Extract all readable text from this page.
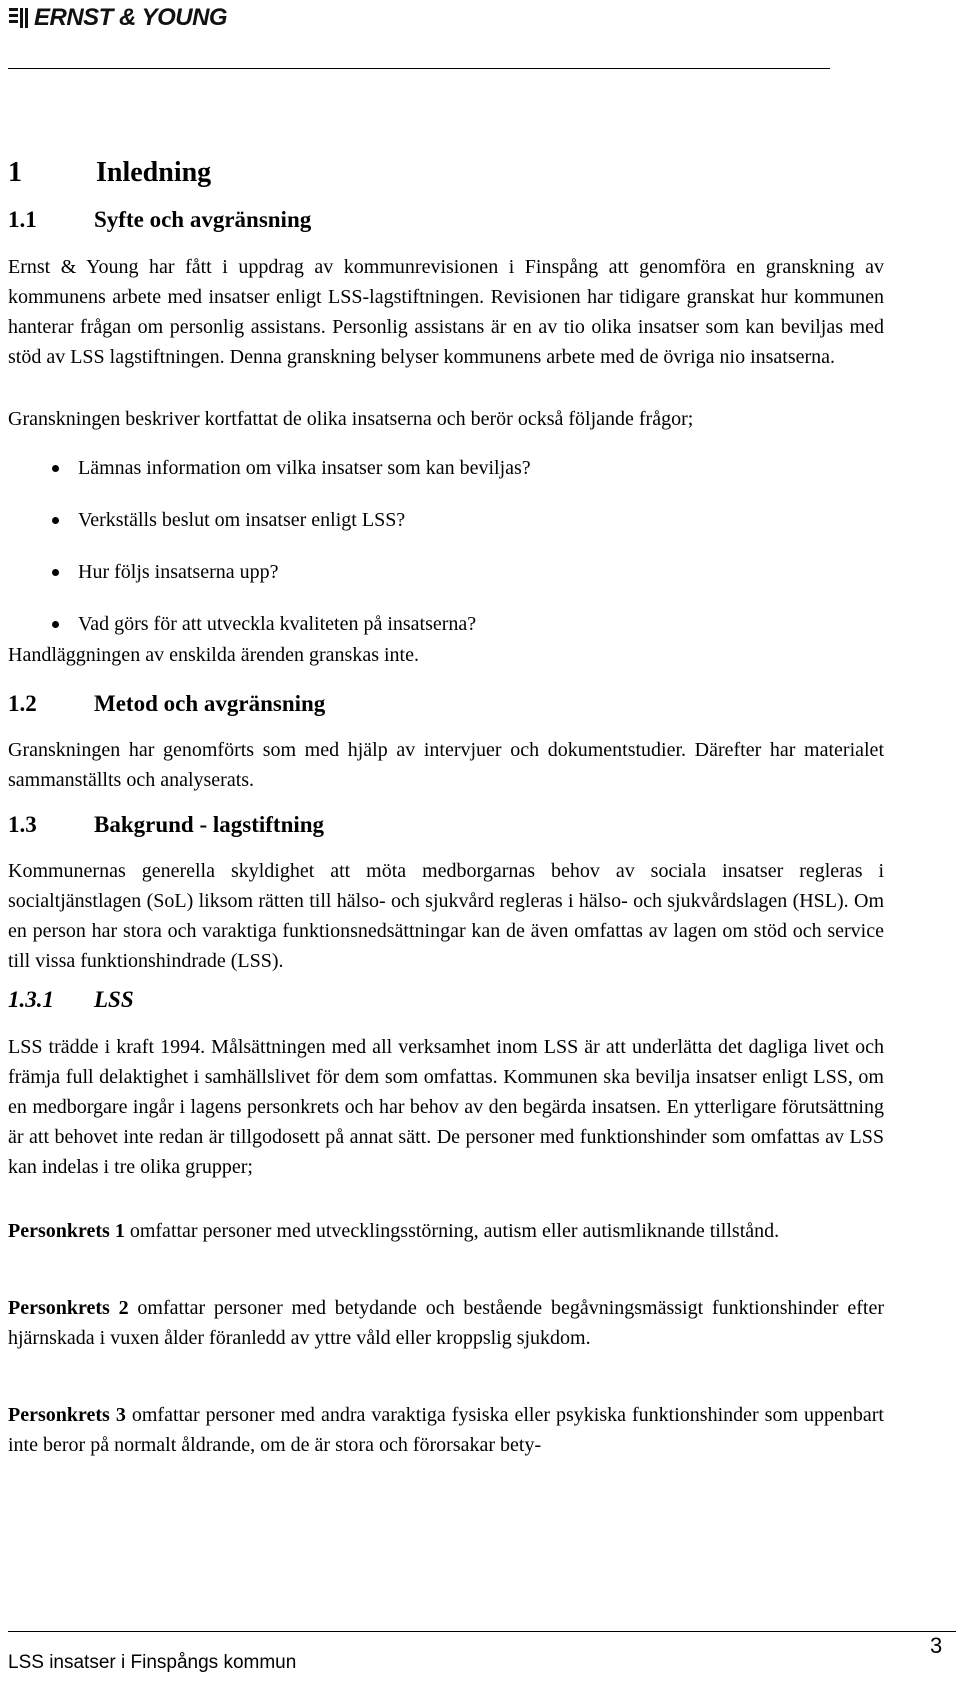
ERNST & YOUNG
1	Inledning
1.1 Syfte och avgränsning
Ernst & Young har fått i uppdrag av kommunrevisionen i Finspång att genomföra en granskning av kommunens arbete med insatser enligt LSS-lagstiftningen. Revisionen har tidigare granskat hur kommunen hanterar frågan om personlig assistans. Personlig assistans är en av tio olika insatser som kan beviljas med stöd av LSS lagstiftningen. Denna granskning belyser kommunens arbete med de övriga nio insatserna.
Granskningen beskriver kortfattat de olika insatserna och berör också följande frågor;
Lämnas information om vilka insatser som kan beviljas?
Verkställs beslut om insatser enligt LSS?
Hur följs insatserna upp?
Vad görs för att utveckla kvaliteten på insatserna?
Handläggningen av enskilda ärenden granskas inte.
1.2 Metod och avgränsning
Granskningen har genomförts som med hjälp av intervjuer och dokumentstudier. Därefter har materialet sammanställts och analyserats.
1.3 Bakgrund - lagstiftning
Kommunernas generella skyldighet att möta medborgarnas behov av sociala insatser regleras i socialtjänstlagen (SoL) liksom rätten till hälso- och sjukvård regleras i hälso- och sjukvårdslagen (HSL). Om en person har stora och varaktiga funktionsnedsättningar kan de även omfattas av lagen om stöd och service till vissa funktionshindrade (LSS).
1.3.1 LSS
LSS trädde i kraft 1994. Målsättningen med all verksamhet inom LSS är att underlätta det dagliga livet och främja full delaktighet i samhällslivet för dem som omfattas. Kommunen ska bevilja insatser enligt LSS, om en medborgare ingår i lagens personkrets och har behov av den begärda insatsen. En ytterligare förutsättning är att behovet inte redan är tillgodosett på annat sätt. De personer med funktionshinder som omfattas av LSS kan indelas i tre olika grupper;
Personkrets 1 omfattar personer med utvecklingsstörning, autism eller autismliknande tillstånd.
Personkrets 2 omfattar personer med betydande och bestående begåvningsmässigt funktionshinder efter hjärnskada i vuxen ålder föranledd av yttre våld eller kroppslig sjukdom.
Personkrets 3 omfattar personer med andra varaktiga fysiska eller psykiska funktionshinder som uppenbart inte beror på normalt åldrande, om de är stora och förorsakar bety-
LSS insatser i Finspångs kommun
3
